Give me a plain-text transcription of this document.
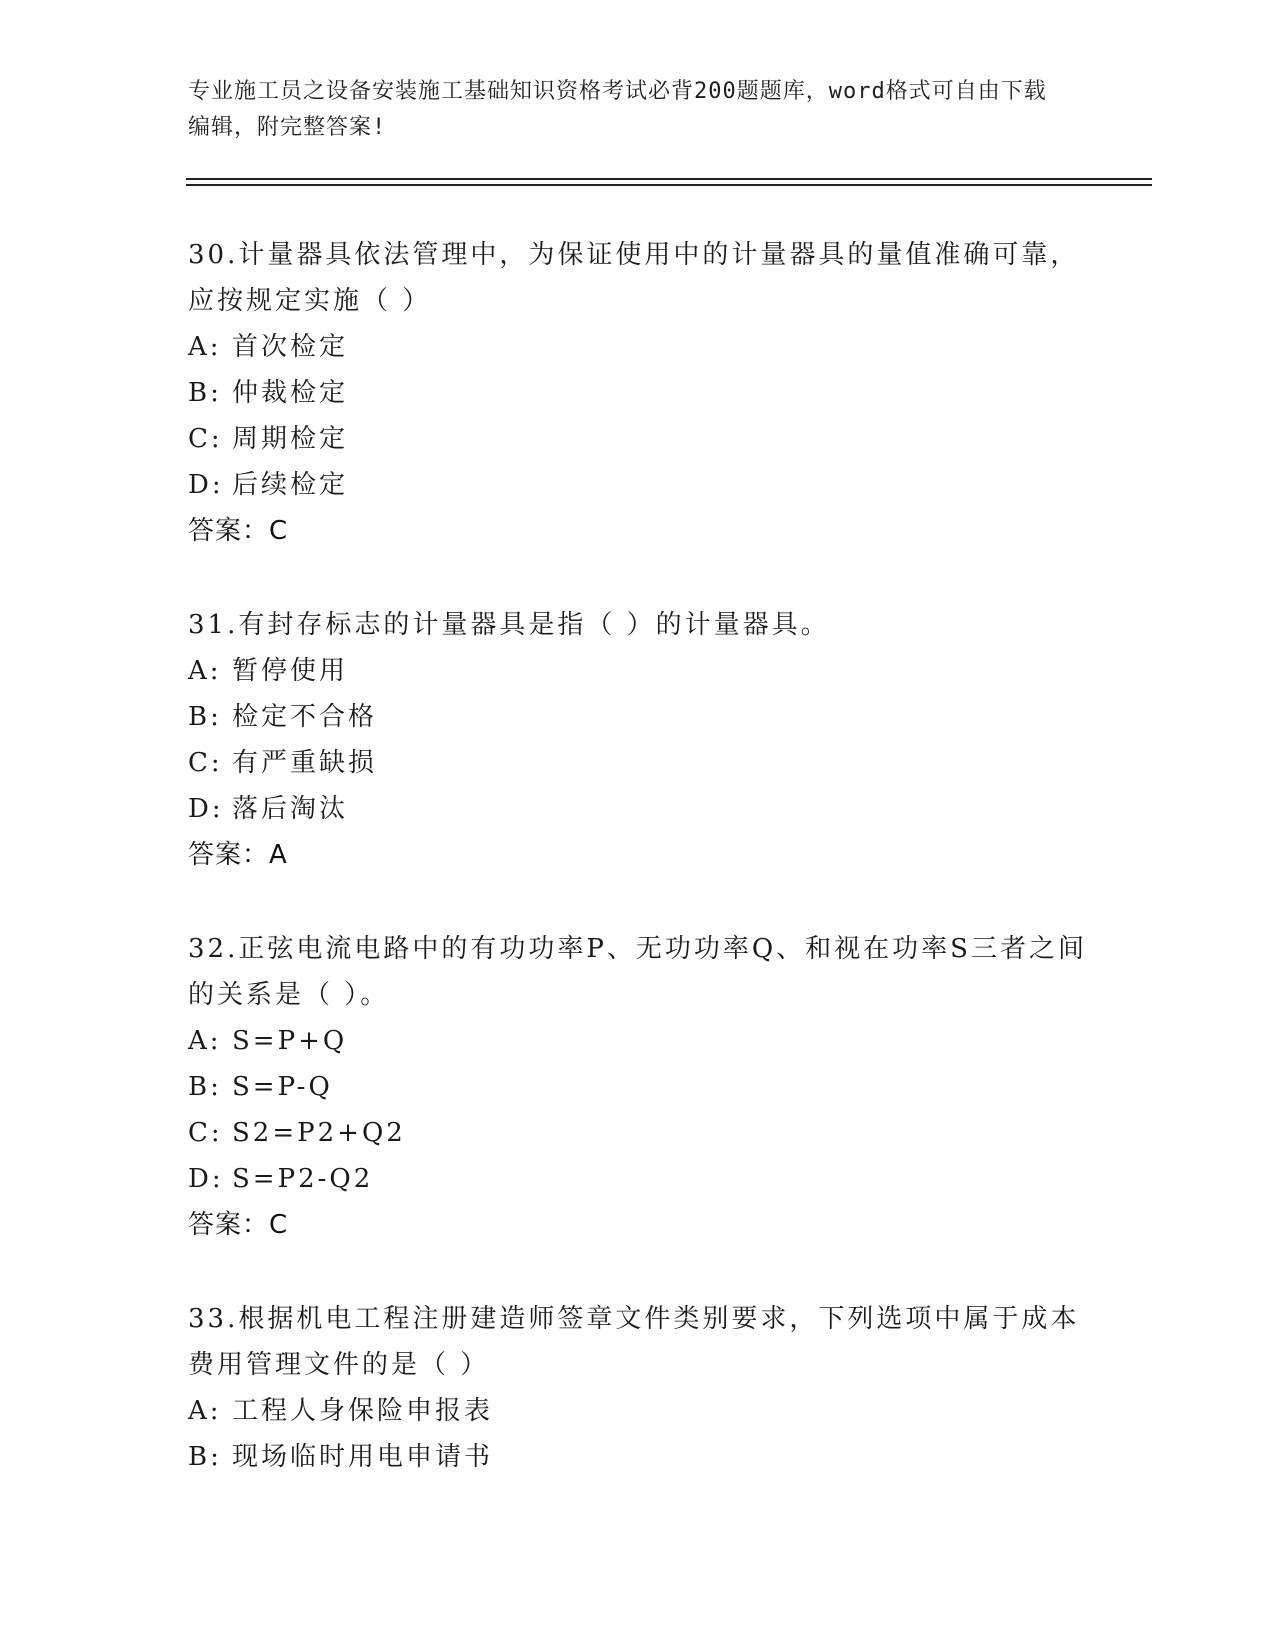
专业施工员之设备安装施工基础知识资格考试必背200题题库，word格式可自由下载编辑，附完整答案!
30.计量器具依法管理中，为保证使用中的计量器具的量值准确可靠，应按规定实施（ ）
A: 首次检定
B: 仲裁检定
C: 周期检定
D: 后续检定
答案：C
31.有封存标志的计量器具是指（ ）的计量器具。
A: 暂停使用
B: 检定不合格
C: 有严重缺损
D: 落后淘汰
答案：A
32.正弦电流电路中的有功功率P、无功功率Q、和视在功率S三者之间的关系是（ ）。
A: S=P+Q
B: S=P-Q
C: S2=P2+Q2
D: S=P2-Q2
答案：C
33.根据机电工程注册建造师签章文件类别要求，下列选项中属于成本费用管理文件的是（ ）
A: 工程人身保险申报表
B: 现场临时用电申请书
